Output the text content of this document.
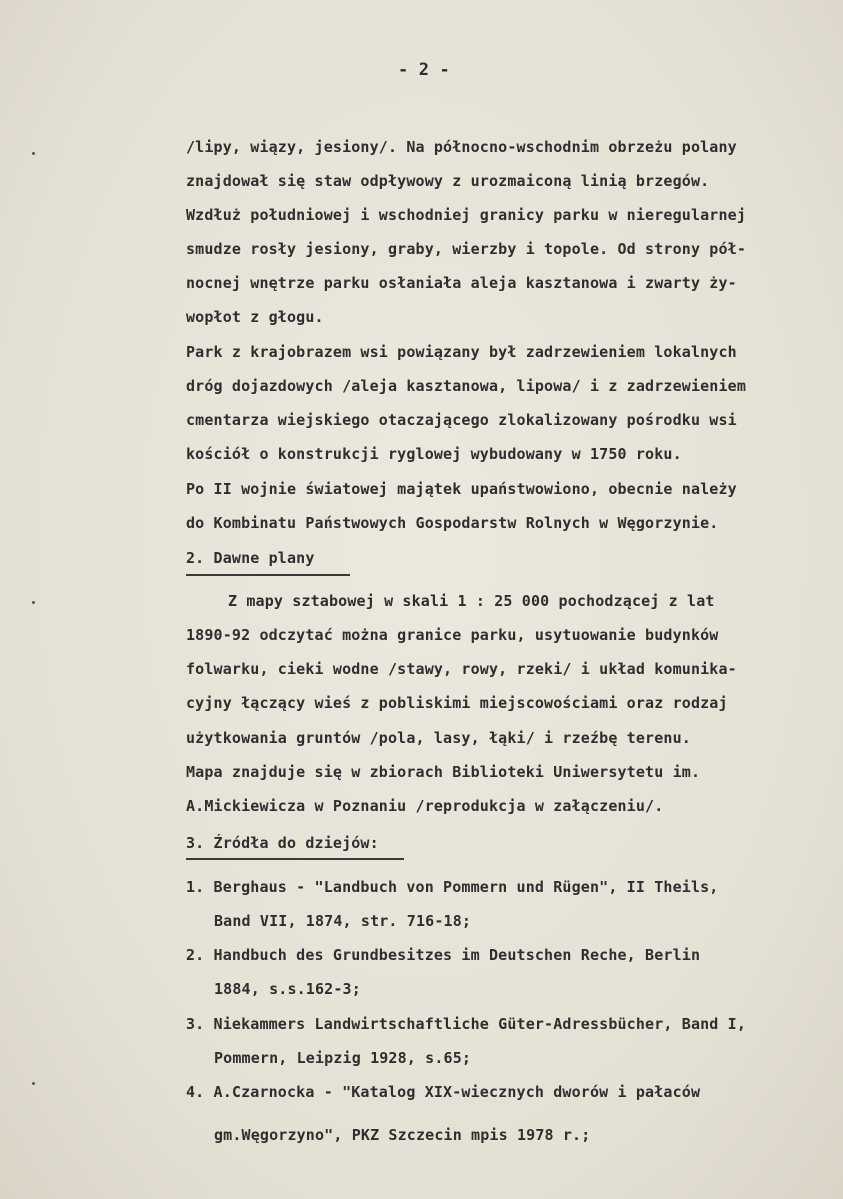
- 2 -
/lipy, wiązy, jesiony/. Na północno-wschodnim obrzeżu polany
znajdował się staw odpływowy z urozmaiconą linią brzegów.
Wzdłuż południowej i wschodniej granicy parku w nieregularnej
smudze rosły jesiony, graby, wierzby i topole. Od strony pół-
nocnej wnętrze parku osłaniała aleja kasztanowa i zwarty ży-
wopłot z głogu.
Park z krajobrazem wsi powiązany był zadrzewieniem lokalnych
dróg dojazdowych /aleja kasztanowa, lipowa/ i z zadrzewieniem
cmentarza wiejskiego otaczającego zlokalizowany pośrodku wsi
kościół o konstrukcji ryglowej wybudowany w 1750 roku.
Po II wojnie światowej majątek upaństwowiono, obecnie należy
do Kombinatu Państwowych Gospodarstw Rolnych w Węgorzynie.
2. Dawne plany
Z mapy sztabowej w skali 1 : 25 000 pochodzącej z lat
1890-92 odczytać można granice parku, usytuowanie budynków
folwarku, cieki wodne /stawy, rowy, rzeki/ i układ komunika-
cyjny łączący wieś z pobliskimi miejscowościami oraz rodzaj
użytkowania gruntów /pola, lasy, łąki/ i rzeźbę terenu.
Mapa znajduje się w zbiorach Biblioteki Uniwersytetu im.
A.Mickiewicza w Poznaniu /reprodukcja w załączeniu/.
3. Źródła do dziejów:
1. Berghaus - "Landbuch von Pommern und Rügen", II Theils,
Band VII, 1874, str. 716-18;
2. Handbuch des Grundbesitzes im Deutschen Reche, Berlin
1884, s.s.162-3;
3. Niekammers Landwirtschaftliche Güter-Adressbücher, Band I,
Pommern, Leipzig 1928, s.65;
4. A.Czarnocka - "Katalog XIX-wiecznych dworów i pałaców
gm.Węgorzyno", PKZ Szczecin mpis 1978 r.;
